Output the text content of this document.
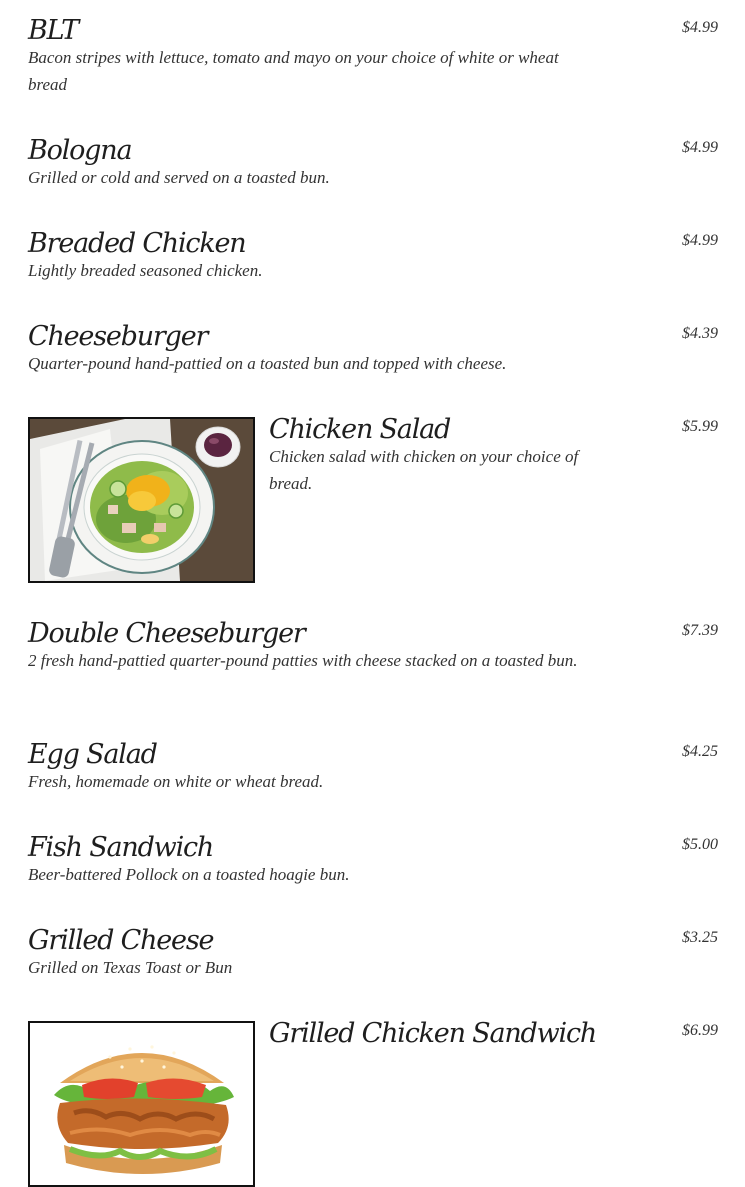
BLT
Bacon stripes with lettuce, tomato and mayo on your choice of white or wheat bread
$4.99
Bologna
Grilled or cold and served on a toasted bun.
$4.99
Breaded Chicken
Lightly breaded seasoned chicken.
$4.99
Cheeseburger
Quarter-pound hand-pattied on a toasted bun and topped with cheese.
$4.39
Chicken Salad
Chicken salad with chicken on your choice of bread.
$5.99
Double Cheeseburger
2 fresh hand-pattied quarter-pound patties with cheese stacked on a toasted bun.
$7.39
Egg Salad
Fresh, homemade on white or wheat bread.
$4.25
Fish Sandwich
Beer-battered Pollock on a toasted hoagie bun.
$5.00
Grilled Cheese
Grilled on Texas Toast or Bun
$3.25
Grilled Chicken Sandwich	$6.99
